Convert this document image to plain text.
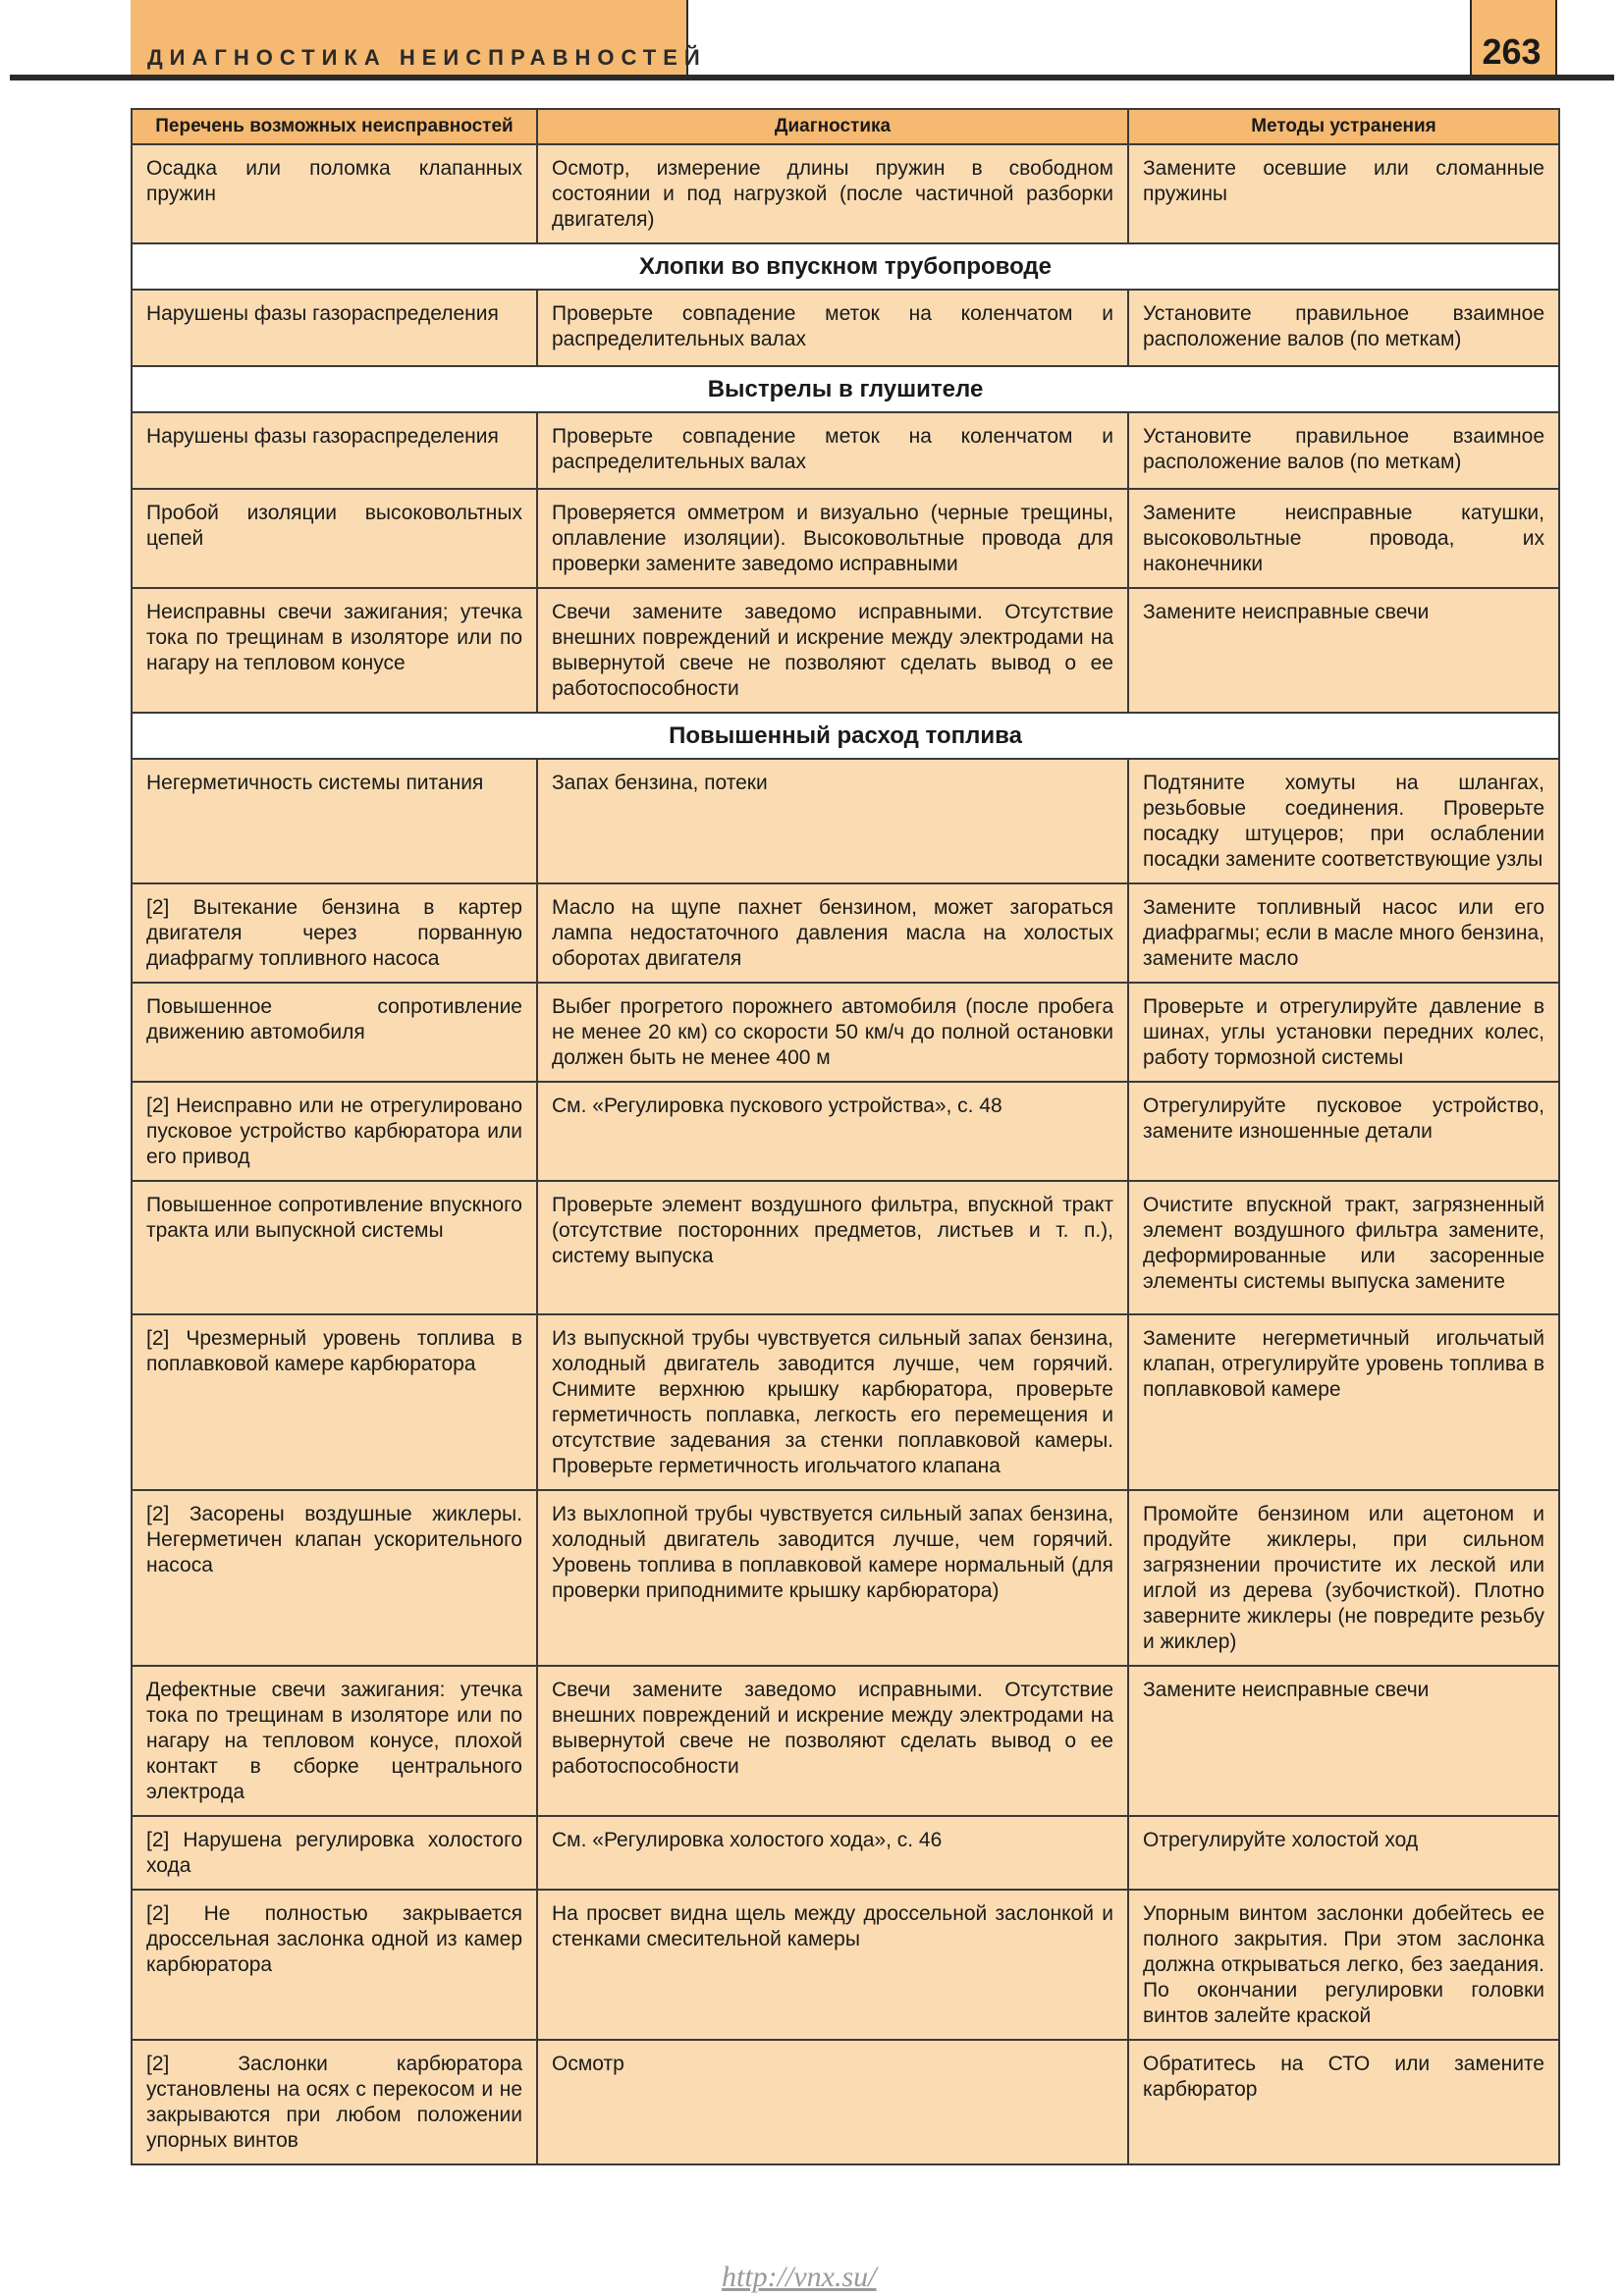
ДИАГНОСТИКА НЕИСПРАВНОСТЕЙ	263
Перечень возможных неисправностей	Диагностика	Методы устранения
Осадка или поломка клапанных пружин	Осмотр, измерение длины пружин в свободном состоянии и под нагрузкой (после частичной разборки двигателя)	Замените осевшие или сломанные пружины
Хлопки во впускном трубопроводе		
Нарушены фазы газораспределения	Проверьте совпадение меток на коленчатом и распределительных валах	Установите правильное взаимное расположение валов (по меткам)
Выстрелы в глушителе		
Нарушены фазы газораспределения	Проверьте совпадение меток на коленчатом и распределительных валах	Установите правильное взаимное расположение валов (по меткам)
Пробой изоляции высоковольтных цепей	Проверяется омметром и визуально (черные трещины, оплавление изоляции). Высоковольтные провода для проверки замените заведомо исправными	Замените неисправные катушки, высоковольтные провода, их наконечники
Неисправны свечи зажигания; утечка тока по трещинам в изоляторе или по нагару на тепловом конусе	Свечи замените заведомо исправными. Отсутствие внешних повреждений и искрение между электродами на вывернутой свече не позволяют сделать вывод о ее работоспособности	Замените неисправные свечи
Повышенный расход топлива		
Негерметичность системы питания	Запах бензина, потеки	Подтяните хомуты на шлангах, резьбовые соединения. Проверьте посадку штуцеров; при ослаблении посадки замените соответствующие узлы
[2] Вытекание бензина в картер двигателя через порванную диафрагму топливного насоса	Масло на щупе пахнет бензином, может загораться лампа недостаточного давления масла на холостых оборотах двигателя	Замените топливный насос или его диафрагмы; если в масле много бензина, замените масло
Повышенное сопротивление движению автомобиля	Выбег прогретого порожнего автомобиля (после пробега не менее 20 км) со скорости 50 км/ч до полной остановки должен быть не менее 400 м	Проверьте и отрегулируйте давление в шинах, углы установки передних колес, работу тормозной системы
[2] Неисправно или не отрегулировано пусковое устройство карбюратора или его привод	См. «Регулировка пускового устройства», с. 48	Отрегулируйте пусковое устройство, замените изношенные детали
Повышенное сопротивление впускного тракта или выпускной системы	Проверьте элемент воздушного фильтра, впускной тракт (отсутствие посторонних предметов, листьев и т. п.), систему выпуска	Очистите впускной тракт, загрязненный элемент воздушного фильтра замените, деформированные или засоренные элементы системы выпуска замените
[2] Чрезмерный уровень топлива в поплавковой камере карбюратора	Из выпускной трубы чувствуется сильный запах бензина, холодный двигатель заводится лучше, чем горячий. Снимите верхнюю крышку карбюратора, проверьте герметичность поплавка, легкость его перемещения и отсутствие задевания за стенки поплавковой камеры. Проверьте герметичность игольчатого клапана	Замените негерметичный игольчатый клапан, отрегулируйте уровень топлива в поплавковой камере
[2] Засорены воздушные жиклеры. Негерметичен клапан ускорительного насоса	Из выхлопной трубы чувствуется сильный запах бензина, холодный двигатель заводится лучше, чем горячий. Уровень топлива в поплавковой камере нормальный (для проверки приподнимите крышку карбюратора)	Промойте бензином или ацетоном и продуйте жиклеры, при сильном загрязнении прочистите их леской или иглой из дерева (зубочисткой). Плотно заверните жиклеры (не повредите резьбу и жиклер)
Дефектные свечи зажигания: утечка тока по трещинам в изоляторе или по нагару на тепловом конусе, плохой контакт в сборке центрального электрода	Свечи замените заведомо исправными. Отсутствие внешних повреждений и искрение между электродами на вывернутой свече не позволяют сделать вывод о ее работоспособности	Замените неисправные свечи
[2] Нарушена регулировка холостого хода	См. «Регулировка холостого хода», с. 46	Отрегулируйте холостой ход
[2] Не полностью закрывается дроссельная заслонка одной из камер карбюратора	На просвет видна щель между дроссельной заслонкой и стенками смесительной камеры	Упорным винтом заслонки добейтесь ее полного закрытия. При этом заслонка должна открываться легко, без заедания. По окончании регулировки головки винтов залейте краской
[2] Заслонки карбюратора установлены на осях с перекосом и не закрываются при любом положении упорных винтов	Осмотр	Обратитесь на СТО или замените карбюратор
http://vnx.su/
